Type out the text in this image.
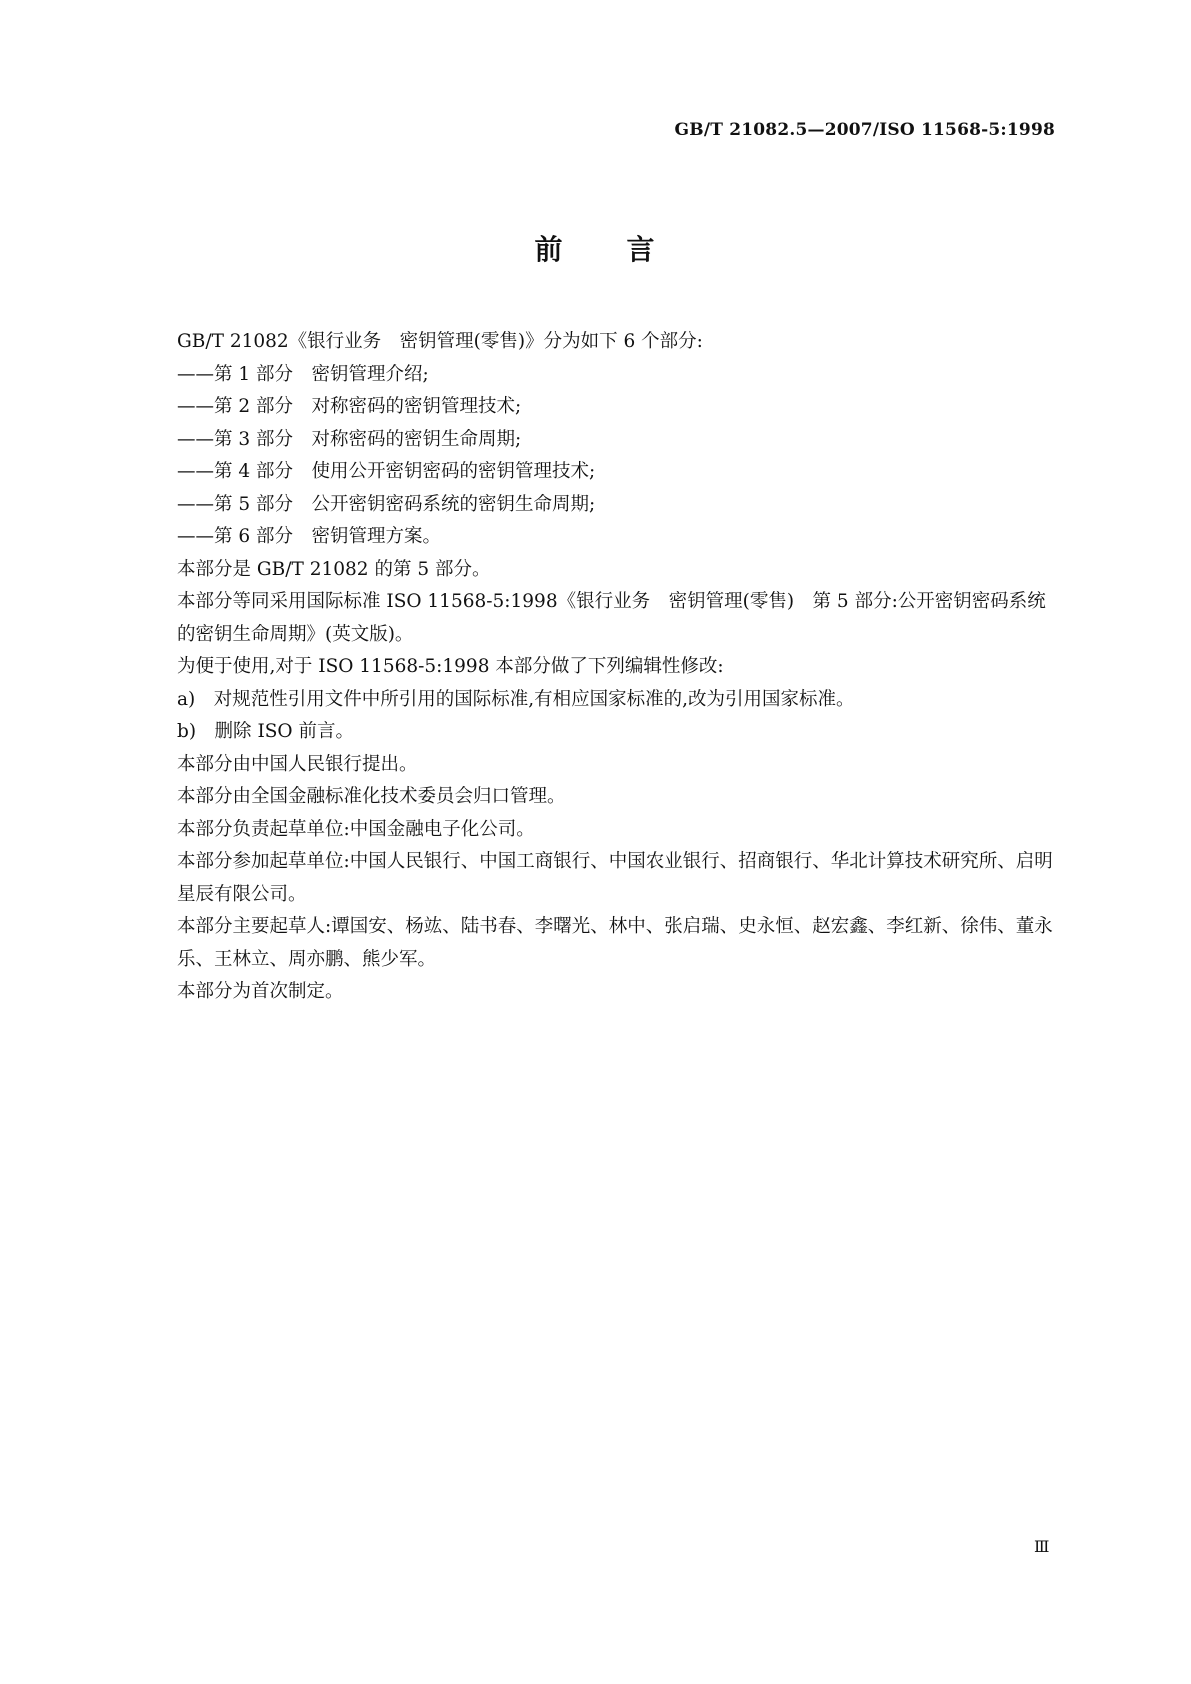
GB/T 21082.5—2007/ISO 11568-5:1998
前 言

GB/T 21082《银行业务　密钥管理(零售)》分为如下 6 个部分:

——第 1 部分　密钥管理介绍;

——第 2 部分　对称密码的密钥管理技术;

——第 3 部分　对称密码的密钥生命周期;

——第 4 部分　使用公开密钥密码的密钥管理技术;

——第 5 部分　公开密钥密码系统的密钥生命周期;

——第 6 部分　密钥管理方案。

本部分是 GB/T 21082 的第 5 部分。

本部分等同采用国际标准 ISO 11568-5:1998《银行业务　密钥管理(零售)　第 5 部分:公开密钥密码系统的密钥生命周期》(英文版)。

为便于使用,对于 ISO 11568-5:1998 本部分做了下列编辑性修改:

a)　对规范性引用文件中所引用的国际标准,有相应国家标准的,改为引用国家标准。

b)　删除 ISO 前言。

本部分由中国人民银行提出。

本部分由全国金融标准化技术委员会归口管理。

本部分负责起草单位:中国金融电子化公司。

本部分参加起草单位:中国人民银行、中国工商银行、中国农业银行、招商银行、华北计算技术研究所、启明星辰有限公司。

本部分主要起草人:谭国安、杨竑、陆书春、李曙光、林中、张启瑞、史永恒、赵宏鑫、李红新、徐伟、董永乐、王林立、周亦鹏、熊少军。

本部分为首次制定。

Ⅲ
